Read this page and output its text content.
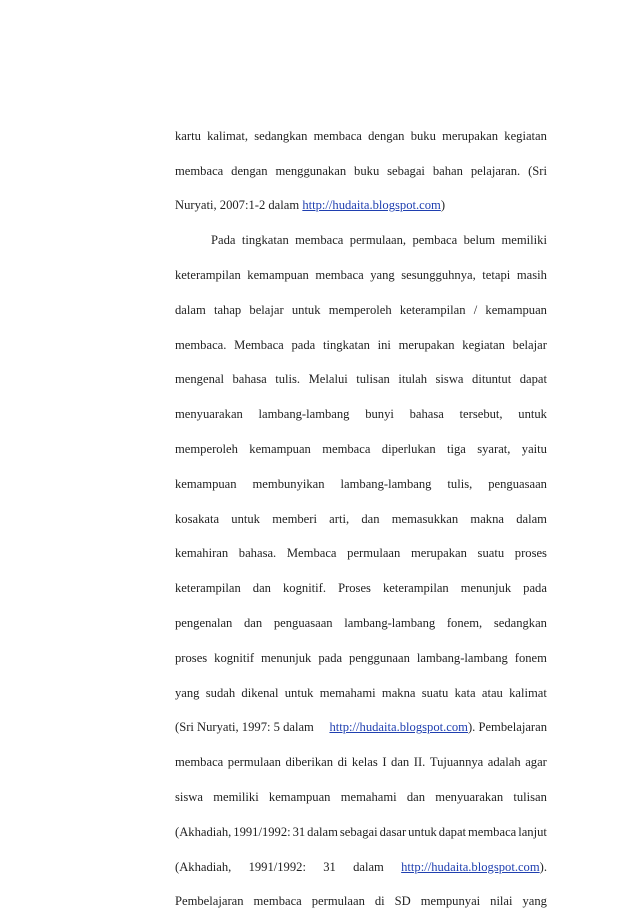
kartu kalimat, sedangkan membaca dengan buku merupakan kegiatan
membaca dengan menggunakan buku sebagai bahan pelajaran. (Sri
Nuryati, 2007:1-2 dalam
http://hudaita.blogspot.com )
Pada tingkatan membaca permulaan, pembaca belum memiliki
keterampilan kemampuan membaca yang sesungguhnya, tetapi masih
dalam tahap belajar untuk memperoleh keterampilan / kemampuan
membaca. Membaca pada tingkatan ini merupakan kegiatan belajar
mengenal bahasa tulis. Melalui tulisan itulah siswa dituntut dapat
menyuarakan lambang-lambang bunyi bahasa tersebut, untuk
memperoleh kemampuan membaca diperlukan tiga syarat, yaitu
kemampuan membunyikan lambang-lambang tulis, penguasaan
kosakata untuk memberi arti, dan memasukkan makna dalam
kemahiran bahasa. Membaca permulaan merupakan suatu proses
keterampilan dan kognitif. Proses keterampilan menunjuk pada
pengenalan dan penguasaan lambang-lambang fonem, sedangkan
proses kognitif menunjuk pada penggunaan lambang-lambang fonem
yang sudah dikenal untuk memahami makna suatu kata atau kalimat
(Sri Nuryati, 1997: 5 dalam http://hudaita.blogspot.com). Pembelajaran
membaca permulaan diberikan di kelas I dan II. Tujuannya adalah agar
siswa memiliki kemampuan memahami dan menyuarakan tulisan
(Akhadiah, 1991/1992: 31 dalam sebagai dasar untuk dapat membaca lanjut
(Akhadiah, 1991/1992: 31 dalam http://hudaita.blogspot.com).
Pembelajaran membaca permulaan di SD mempunyai nilai yang
